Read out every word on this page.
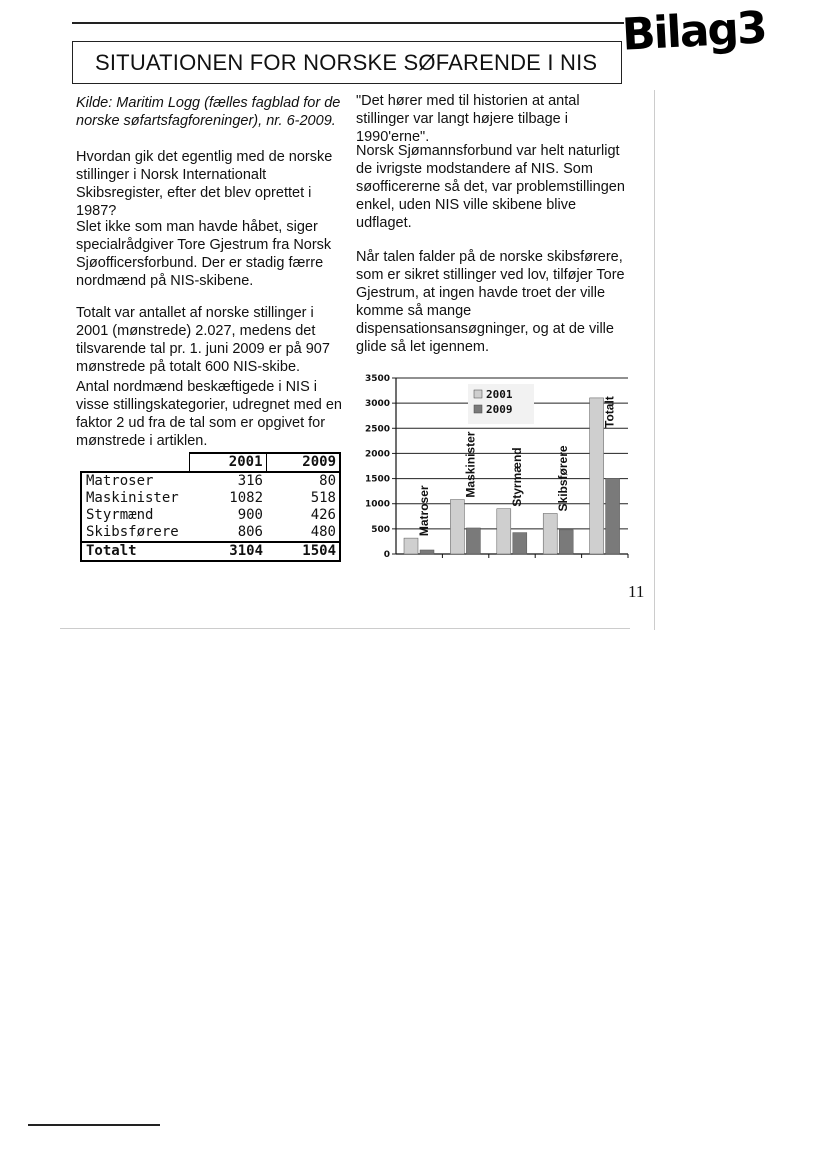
SITUATIONEN FOR NORSKE SØFARENDE I NIS
Bilag3
Kilde: Maritim Logg (fælles fagblad for de norske søfartsfagforeninger), nr. 6-2009.
Hvordan gik det egentlig med de norske stillinger i Norsk Internationalt Skibsregister, efter det blev oprettet i 1987?
Slet ikke som man havde håbet, siger specialrådgiver Tore Gjestrum fra Norsk Sjøofficersforbund. Der er stadig færre nordmænd på NIS-skibene.
Totalt var antallet af norske stillinger i 2001 (mønstrede) 2.027, medens det tilsvarende tal pr. 1. juni 2009 er på 907 mønstrede på totalt 600 NIS-skibe.
Antal nordmænd beskæftigede i NIS i visse stillingskategorier, udregnet med en faktor 2 ud fra de tal som er opgivet for mønstrede i artiklen.
"Det hører med til historien at antal stillinger var langt højere tilbage i 1990'erne".
Norsk Sjømannsforbund var helt naturligt de ivrigste modstandere af NIS. Som søofficererne så det, var problemstillingen enkel, uden NIS ville skibene blive udflaget.
Når talen falder på de norske skibsførere, som er sikret stillinger ved lov, tilføjer Tore Gjestrum, at ingen havde troet der ville komme så mange dispensationsansøgninger, og at de ville glide så let igennem.
	2001	2009
Matroser	316	80
Maskinister	1082	518
Styrmænd	900	426
Skibsførere	806	480
Totalt	3104	1504	0
500
1000
1500
2000
2500
3000
3500
Matroser
Maskinister	Styrmænd	Skibsførere
Totalt
2001
2009
11
